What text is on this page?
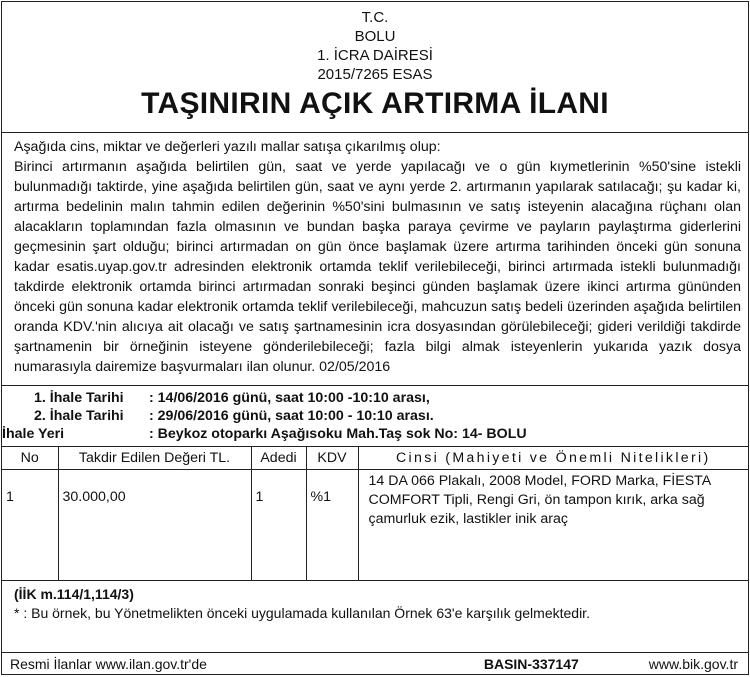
T.C.
BOLU
1. İCRA DAİRESİ
2015/7265 ESAS
TAŞINIRIN AÇIK ARTIRMA İLANI

Aşağıda cins, miktar ve değerleri yazılı mallar satışa çıkarılmış olup:

Birinci artırmanın aşağıda belirtilen gün, saat ve yerde yapılacağı ve o gün kıymetlerinin %50'sine istekli bulunmadığı taktirde, yine aşağıda belirtilen gün, saat ve aynı yerde 2. artırmanın yapılarak satılacağı; şu kadar ki, artırma bedelinin malın tahmin edilen değerinin %50'sini bulmasının ve satış isteyenin alacağına rüçhanı olan alacakların toplamından fazla olmasının ve bundan başka paraya çevirme ve payların paylaştırma giderlerini geçmesinin şart olduğu; birinci artırmadan on gün önce başlamak üzere artırma tarihinden önceki gün sonuna kadar esatis.uyap.gov.tr adresinden elektronik ortamda teklif verilebileceği, birinci artırmada istekli bulunmadığı takdirde elektronik ortamda birinci artırmadan sonraki beşinci günden başlamak üzere ikinci artırma gününden önceki gün sonuna kadar elektronik ortamda teklif verilebileceği, mahcuzun satış bedeli üzerinden aşağıda belirtilen oranda KDV.'nin alıcıya ait olacağı ve satış şartnamesinin icra dosyasından görülebileceği; gideri verildiği takdirde şartnamenin bir örneğinin isteyene gönderilebileceği; fazla bilgi almak isteyenlerin yukarıda yazık dosya numarasıyla dairemize başvurmaları ilan olunur. 02/05/2016

1. İhale Tarihi	: 14/06/2016 günü, saat 10:00 -10:10 arası,
2. İhale Tarihi	: 29/06/2016 günü, saat 10:00 - 10:10 arası.
İhale Yeri	: Beykoz otoparkı Aşağısoku Mah.Taş sok No: 14- BOLU
No	Takdir Edilen Değeri TL.	Adedi	KDV	Cinsi (Mahiyeti ve Önemli Nitelikleri)
1	30.000,00	1	%1	14 DA 066 Plakalı, 2008 Model, FORD Marka, FİESTA COMFORT Tipli, Rengi Gri, ön tampon kırık, arka sağ çamurluk ezik, lastikler inik araç
(İİK m.114/1,114/3)
* : Bu örnek, bu Yönetmelikten önceki uygulamada kullanılan Örnek 63'e karşılık gelmektedir.
Resmi İlanlar www.ilan.gov.tr'de	BASIN-337147	www.bik.gov.tr
